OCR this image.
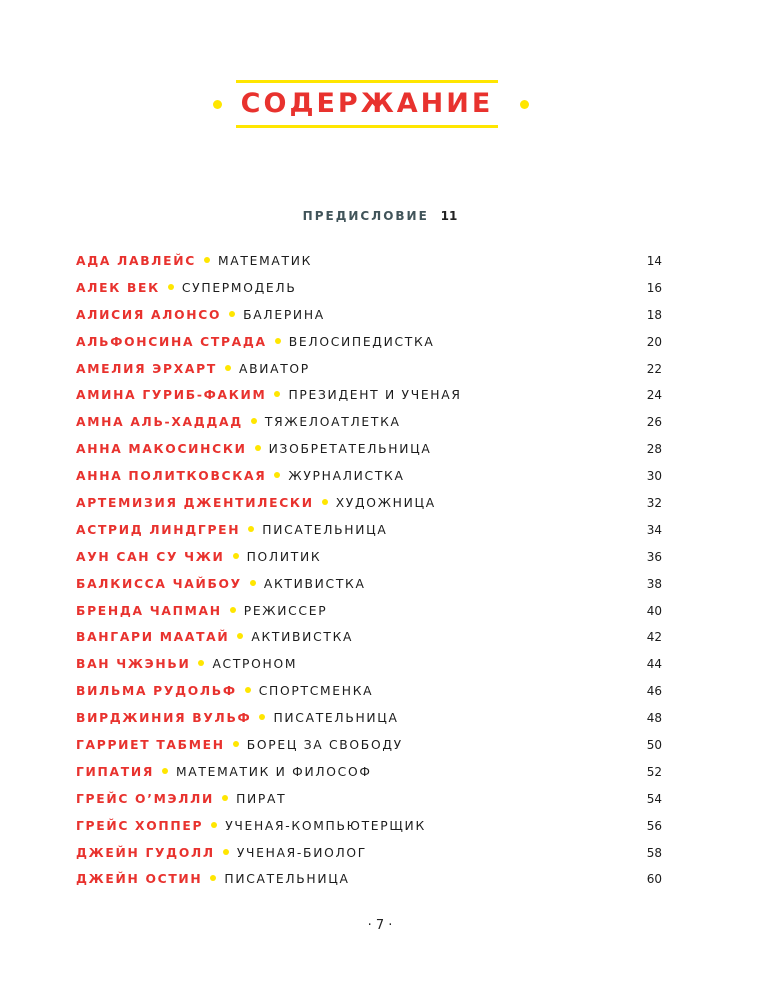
СОДЕРЖАНИЕ
ПРЕДИСЛОВИЕ 11
АДА ЛАВЛЕЙС МАТЕМАТИК	14
АЛЕК ВЕК СУПЕРМОДЕЛЬ	16
АЛИСИЯ АЛОНСО БАЛЕРИНА	18
АЛЬФОНСИНА СТРАДА ВЕЛОСИПЕДИСТКА	20
АМЕЛИЯ ЭРХАРТ АВИАТОР	22
АМИНА ГУРИБ-ФАКИМ ПРЕЗИДЕНТ И УЧЕНАЯ	24
АМНА АЛЬ-ХАДДАД ТЯЖЕЛОАТЛЕТКА	26
АННА МАКОСИНСКИ ИЗОБРЕТАТЕЛЬНИЦА	28
АННА ПОЛИТКОВСКАЯ ЖУРНАЛИСТКА	30
АРТЕМИЗИЯ ДЖЕНТИЛЕСКИ ХУДОЖНИЦА	32
АСТРИД ЛИНДГРЕН ПИСАТЕЛЬНИЦА	34
АУН САН СУ ЧЖИ ПОЛИТИК	36
БАЛКИССА ЧАЙБОУ АКТИВИСТКА	38
БРЕНДА ЧАПМАН РЕЖИССЕР	40
ВАНГАРИ МААТАЙ АКТИВИСТКА	42
ВАН ЧЖЭНЬИ АСТРОНОМ	44
ВИЛЬМА РУДОЛЬФ СПОРТСМЕНКА	46
ВИРДЖИНИЯ ВУЛЬФ ПИСАТЕЛЬНИЦА	48
ГАРРИЕТ ТАБМЕН БОРЕЦ ЗА СВОБОДУ	50
ГИПАТИЯ МАТЕМАТИК И ФИЛОСОФ	52
ГРЕЙС О’МЭЛЛИ ПИРАТ	54
ГРЕЙС ХОППЕР УЧЕНАЯ-КОМПЬЮТЕРЩИК	56
ДЖЕЙН ГУДОЛЛ УЧЕНАЯ-БИОЛОГ	58
ДЖЕЙН ОСТИН ПИСАТЕЛЬНИЦА	60
· 7 ·
